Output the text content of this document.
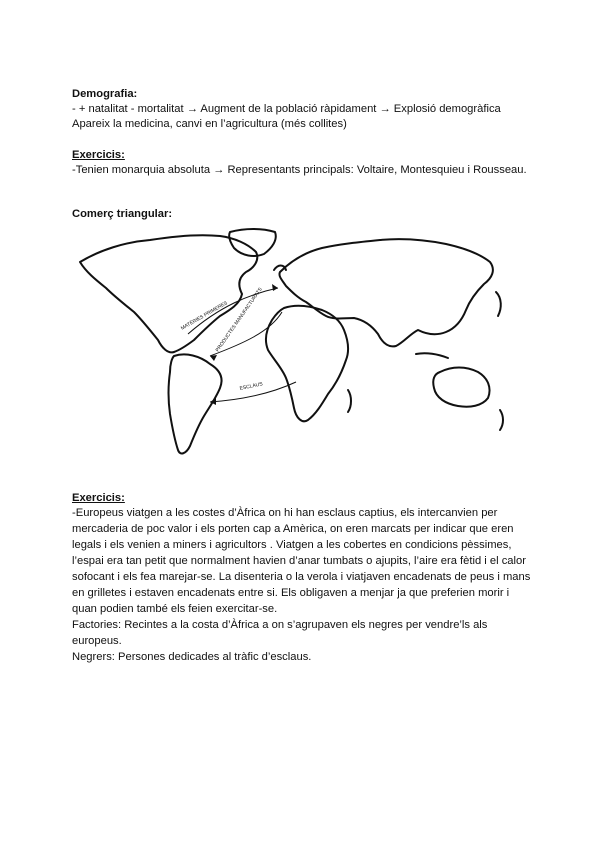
Demografia:
- + natalitat - mortalitat → Augment de la població ràpidament → Explosió demogràfica
Apareix la medicina, canvi en l’agricultura (més collites)
Exercicis:
-Tenien monarquia absoluta → Representants principals: Voltaire, Montesquieu i Rousseau.
Comerç triangular:
MATÈRIES PRIMERES
PRODUCTES MANUFACTURATS
ESCLAUS
Exercicis:
-Europeus viatgen a les costes d’Àfrica on hi han esclaus captius, els intercanvien per
mercaderia de poc valor i els porten cap a Amèrica, on eren marcats per indicar que eren
legals i els venien a miners i agricultors . Viatgen a les cobertes en condicions pèssimes,
l’espai era tan petit que normalment havien d’anar tumbats o ajupits, l’aire era fètid i el calor
sofocant i els fea marejar-se. La disenteria o la verola i viatjaven encadenats de peus i mans
en grilletes i estaven encadenats entre si. Els obligaven a menjar ja que preferien morir i
quan podien també els feien exercitar-se.
Factories: Recintes a la costa d’Àfrica a on s’agrupaven els negres per vendre’ls als
europeus.
Negrers: Persones dedicades al tràfic d’esclaus.
